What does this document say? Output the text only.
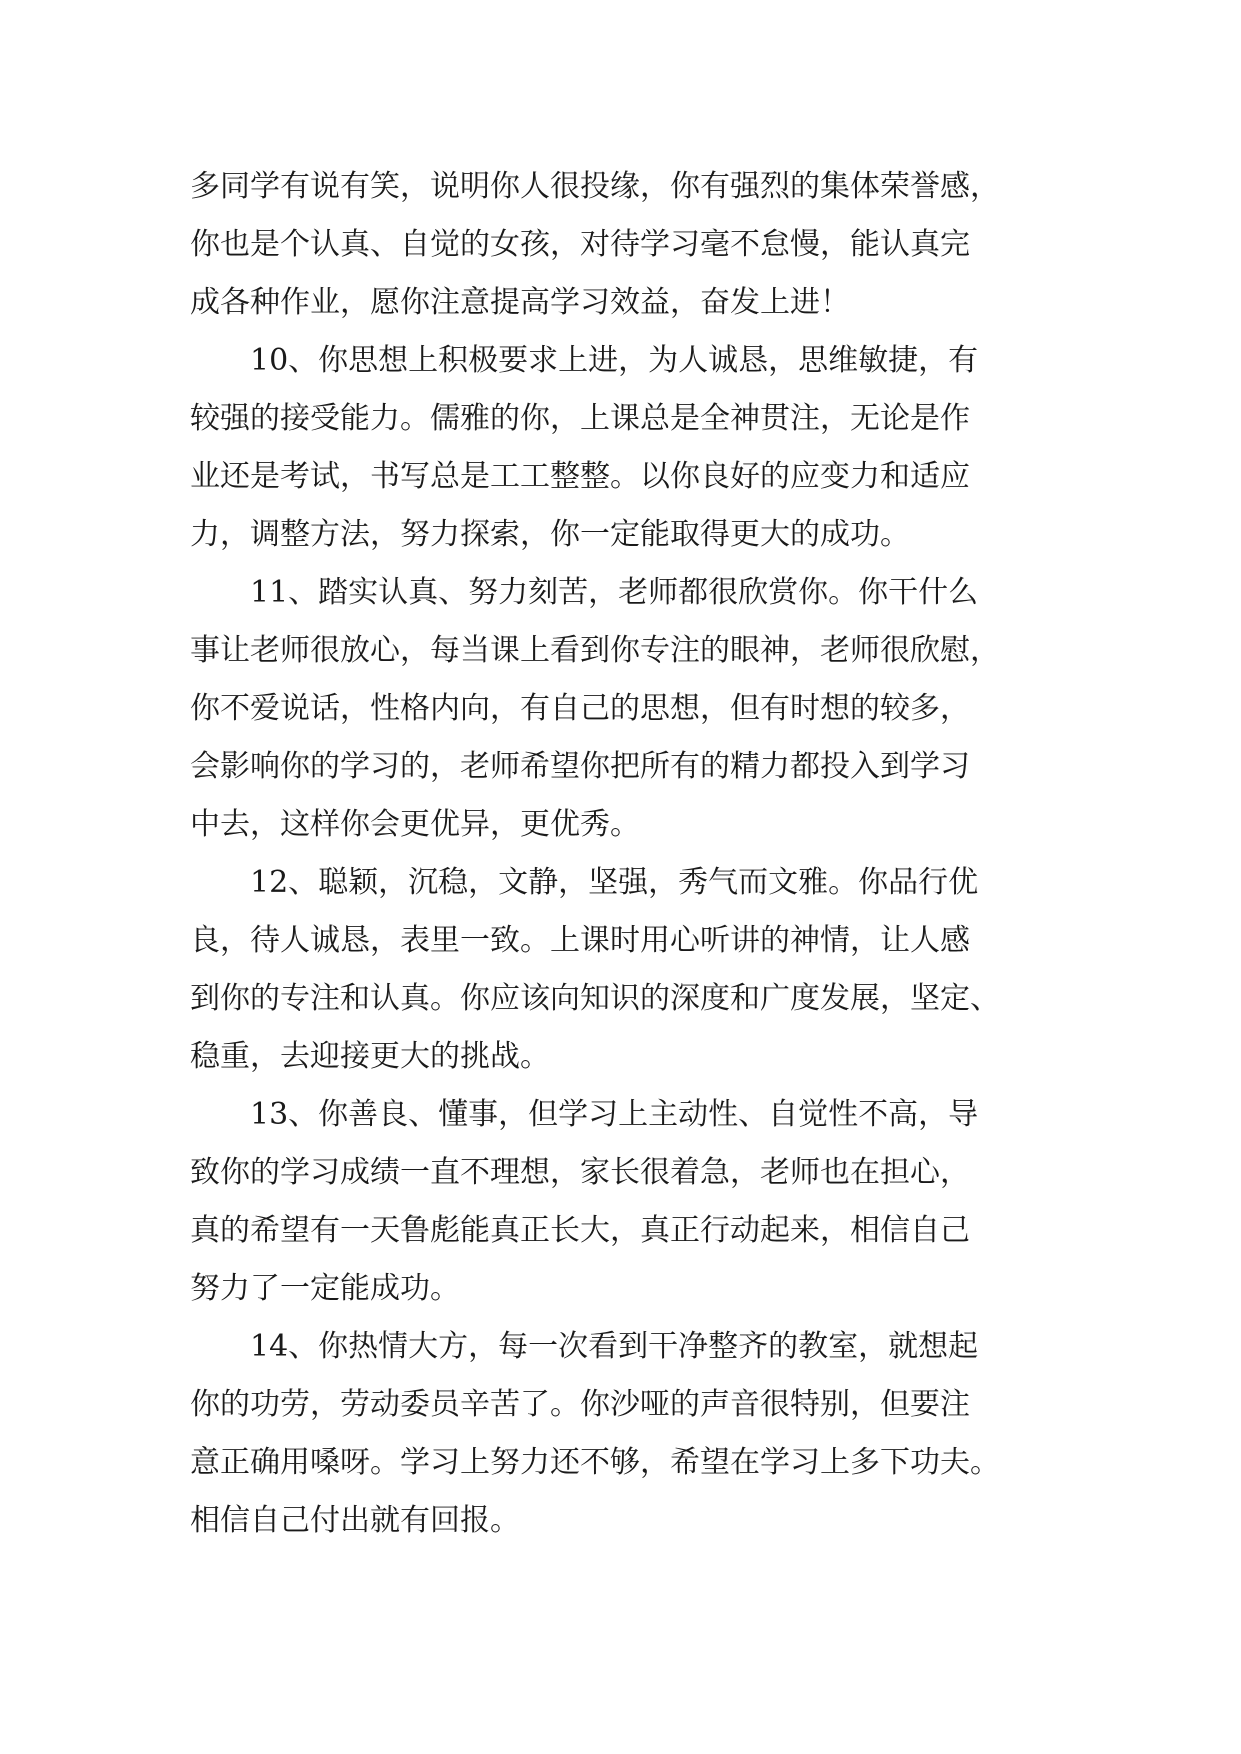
多同学有说有笑，说明你人很投缘，你有强烈的集体荣誉感，
你也是个认真、自觉的女孩，对待学习毫不怠慢，能认真完
成各种作业，愿你注意提高学习效益，奋发上进！
　　10、你思想上积极要求上进，为人诚恳，思维敏捷，有
较强的接受能力。儒雅的你，上课总是全神贯注，无论是作
业还是考试，书写总是工工整整。以你良好的应变力和适应
力，调整方法，努力探索，你一定能取得更大的成功。
　　11、踏实认真、努力刻苦，老师都很欣赏你。你干什么
事让老师很放心，每当课上看到你专注的眼神，老师很欣慰，
你不爱说话，性格内向，有自己的思想，但有时想的较多，
会影响你的学习的，老师希望你把所有的精力都投入到学习
中去，这样你会更优异，更优秀。
　　12、聪颖，沉稳，文静，坚强，秀气而文雅。你品行优
良，待人诚恳，表里一致。上课时用心听讲的神情，让人感
到你的专注和认真。你应该向知识的深度和广度发展，坚定、
稳重，去迎接更大的挑战。
　　13、你善良、懂事，但学习上主动性、自觉性不高，导
致你的学习成绩一直不理想，家长很着急，老师也在担心，
真的希望有一天鲁彪能真正长大，真正行动起来，相信自己
努力了一定能成功。
　　14、你热情大方，每一次看到干净整齐的教室，就想起
你的功劳，劳动委员辛苦了。你沙哑的声音很特别，但要注
意正确用嗓呀。学习上努力还不够，希望在学习上多下功夫。
相信自己付出就有回报。
